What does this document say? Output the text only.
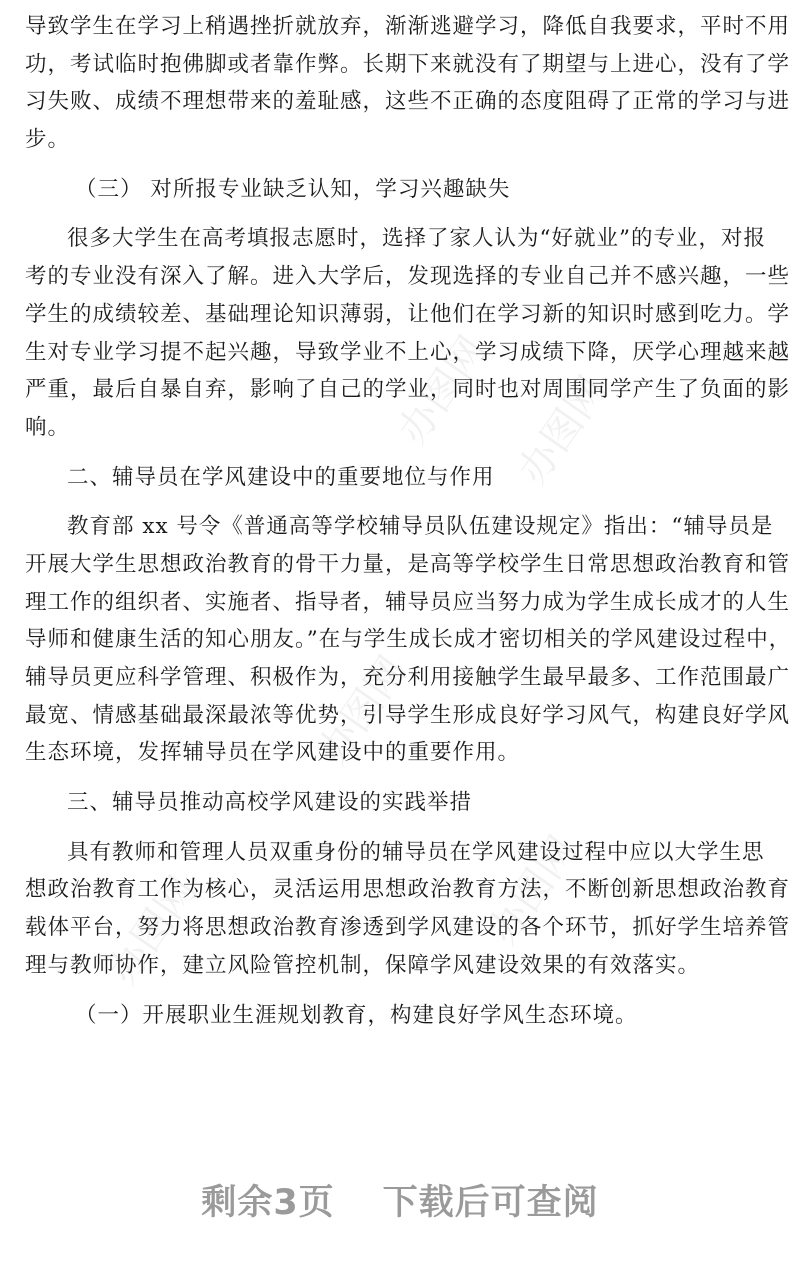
办图网 办图网
办图网
办图网
办图网
导致学生在学习上稍遇挫折就放弃，渐渐逃避学习，降低自我要求，平时不用
功，考试临时抱佛脚或者靠作弊。长期下来就没有了期望与上进心，没有了学
习失败、成绩不理想带来的羞耻感，这些不正确的态度阻碍了正常的学习与进
步。
（三） 对所报专业缺乏认知，学习兴趣缺失
很多大学生在高考填报志愿时，选择了家人认为“好就业”的专业，对报
考的专业没有深入了解。进入大学后，发现选择的专业自己并不感兴趣，一些
学生的成绩较差、基础理论知识薄弱，让他们在学习新的知识时感到吃力。学
生对专业学习提不起兴趣，导致学业不上心，学习成绩下降，厌学心理越来越
严重，最后自暴自弃，影响了自己的学业，同时也对周围同学产生了负面的影
响。
二、辅导员在学风建设中的重要地位与作用
教育部 xx 号令《普通高等学校辅导员队伍建设规定》指出：“辅导员是
开展大学生思想政治教育的骨干力量，是高等学校学生日常思想政治教育和管
理工作的组织者、实施者、指导者，辅导员应当努力成为学生成长成才的人生
导师和健康生活的知心朋友。”在与学生成长成才密切相关的学风建设过程中，
辅导员更应科学管理、积极作为，充分利用接触学生最早最多、工作范围最广
最宽、情感基础最深最浓等优势，引导学生形成良好学习风气，构建良好学风
生态环境，发挥辅导员在学风建设中的重要作用。
三、辅导员推动高校学风建设的实践举措
具有教师和管理人员双重身份的辅导员在学风建设过程中应以大学生思
想政治教育工作为核心，灵活运用思想政治教育方法，不断创新思想政治教育
载体平台，努力将思想政治教育渗透到学风建设的各个环节，抓好学生培养管
理与教师协作，建立风险管控机制，保障学风建设效果的有效落实。
（一）开展职业生涯规划教育，构建良好学风生态环境。
剩余3页 下载后可查阅
